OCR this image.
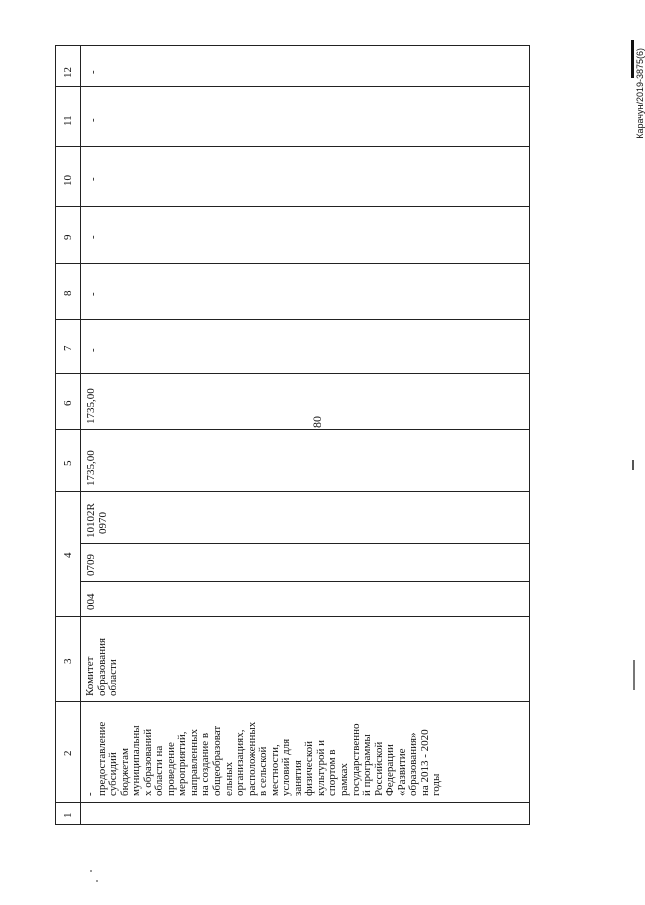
80
1
2
3
4
5
6
7
8
9
10
11
12
- предоставление субсидий бюджетам муниципальны х образований области на проведение мероприятий, направленных на создание в общеобразоват ельных организациях, расположенных в сельской местности, условий для занятия физической культурой и спортом в рамках государственно й программы Российской Федерации «Развитие образования» на 2013 - 2020 годы
Комитет образования области
004
0709
10102R 0970
1735,00
1735,00
-
-
-
-
-
-	Карачун/2019-3875(6)
